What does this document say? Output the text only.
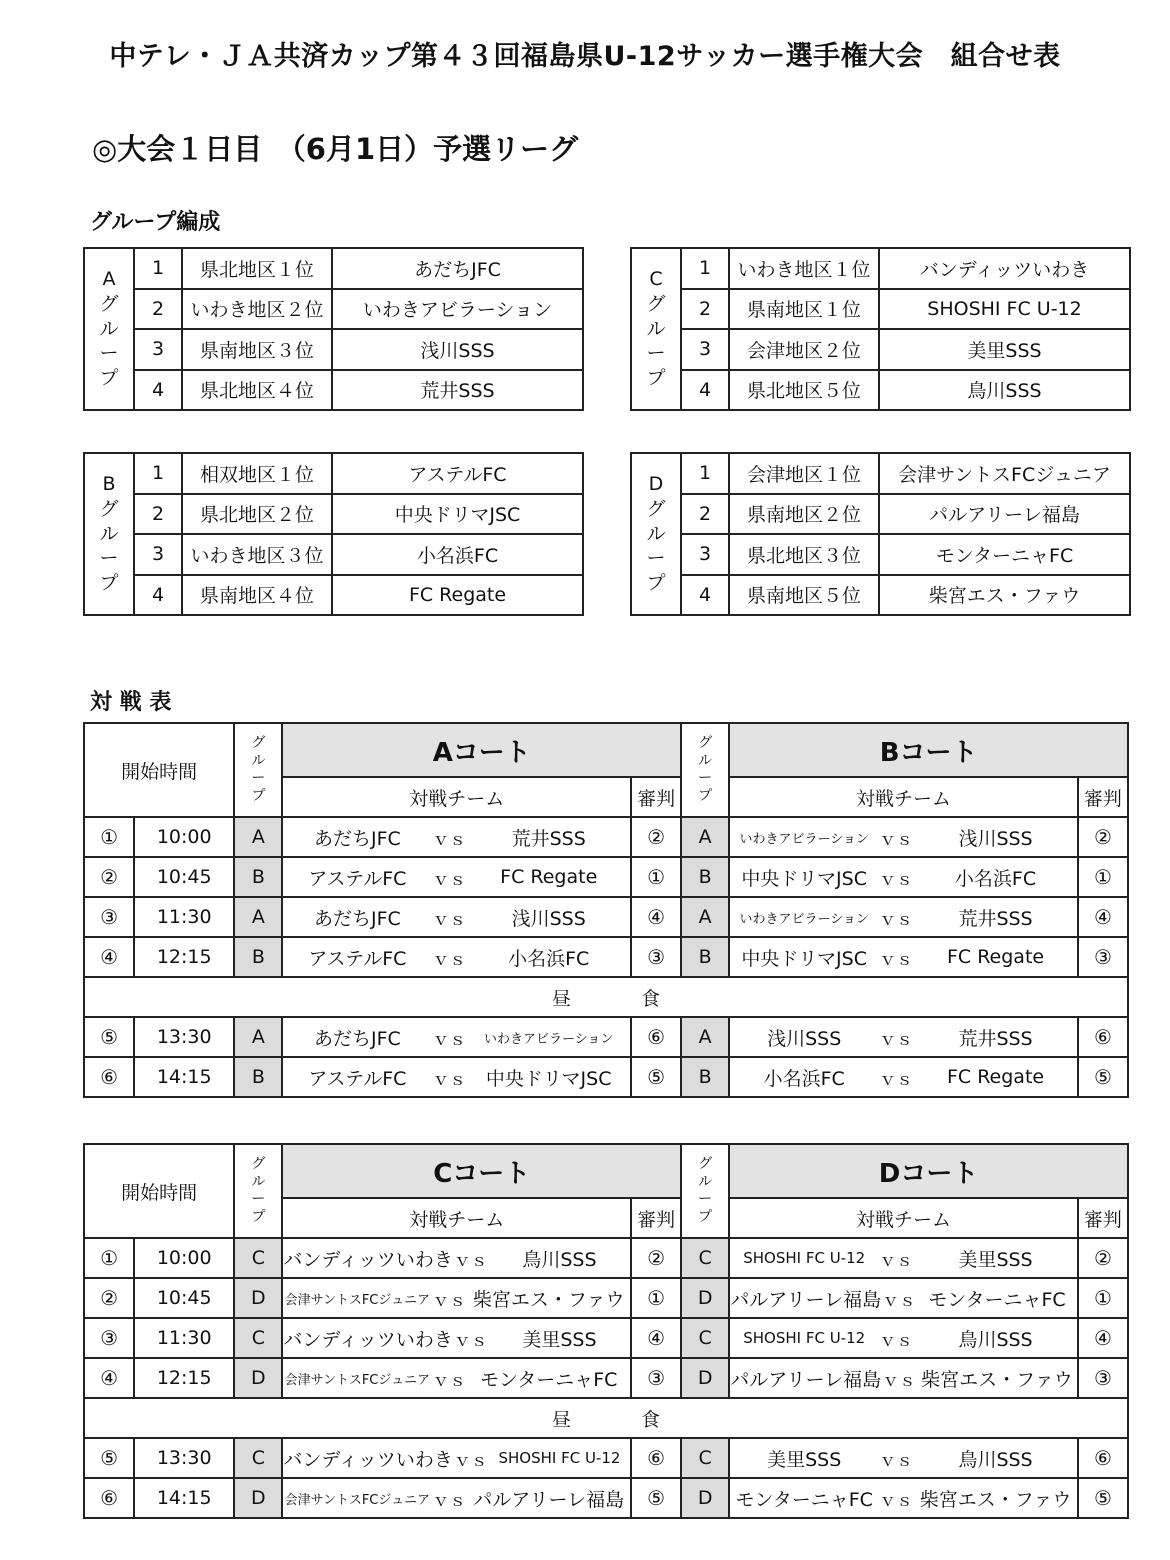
中テレ・ＪＡ共済カップ第４３回福島県U-12サッカー選手権大会　組合せ表
◎大会１日目　（6月1日）予選リーグ
グループ編成
対 戦 表
A
グ
ル
ー
プ	1	県北地区１位	あだちJFC
	2	いわき地区２位	いわきアビラーション
	3	県南地区３位	浅川SSS
	4	県北地区４位	荒井SSS
C
グ
ル
ー
プ	1	いわき地区１位	バンディッツいわき
	2	県南地区１位	SHOSHI FC U-12
	3	会津地区２位	美里SSS
	4	県北地区５位	鳥川SSS
B
グ
ル
ー
プ	1	相双地区１位	アステルFC
	2	県北地区２位	中央ドリマJSC
	3	いわき地区３位	小名浜FC
	4	県南地区４位	FC Regate
D
グ
ル
ー
プ	1	会津地区１位	会津サントスFCジュニア
	2	県南地区２位	パルアリーレ福島
	3	県北地区３位	モンターニャFC
	4	県南地区５位	柴宮エス・ファウ
開始時間		グ
ル
ー
プ	Aコート		グ
ル
ー
プ	Bコート	
			対戦チーム	審判		対戦チーム	審判
①	10:00	A	あだちJFC ｖｓ 荒井SSS	②	A	いわきアビラーション ｖｓ 浅川SSS	②
②	10:45	B	アステルFC ｖｓ FC Regate	①	B	中央ドリマJSC ｖｓ 小名浜FC	①
③	11:30	A	あだちJFC ｖｓ 浅川SSS	④	A	いわきアビラーション ｖｓ 荒井SSS	④
④	12:15	B	アステルFC ｖｓ 小名浜FC	③	B	中央ドリマJSC ｖｓ FC Regate	③
昼 食							
⑤	13:30	A	あだちJFC ｖｓ いわきアビラーション	⑥	A	浅川SSS ｖｓ 荒井SSS	⑥
⑥	14:15	B	アステルFC ｖｓ 中央ドリマJSC	⑤	B	小名浜FC ｖｓ FC Regate	⑤
開始時間		グ
ル
ー
プ	Cコート		グ
ル
ー
プ	Dコート	
			対戦チーム	審判		対戦チーム	審判
①	10:00	C	バンディッツいわき ｖｓ 鳥川SSS	②	C	SHOSHI FC U-12 ｖｓ 美里SSS	②
②	10:45	D	会津サントスFCジュニア ｖｓ 柴宮エス・ファウ	①	D	パルアリーレ福島 ｖｓ モンターニャFC	①
③	11:30	C	バンディッツいわき ｖｓ 美里SSS	④	C	SHOSHI FC U-12 ｖｓ 鳥川SSS	④
④	12:15	D	会津サントスFCジュニア ｖｓ モンターニャFC	③	D	パルアリーレ福島 ｖｓ 柴宮エス・ファウ	③
昼 食							
⑤	13:30	C	バンディッツいわき ｖｓ SHOSHI FC U-12	⑥	C	美里SSS ｖｓ 鳥川SSS	⑥
⑥	14:15	D	会津サントスFCジュニア ｖｓ パルアリーレ福島	⑤	D	モンターニャFC ｖｓ 柴宮エス・ファウ	⑤
